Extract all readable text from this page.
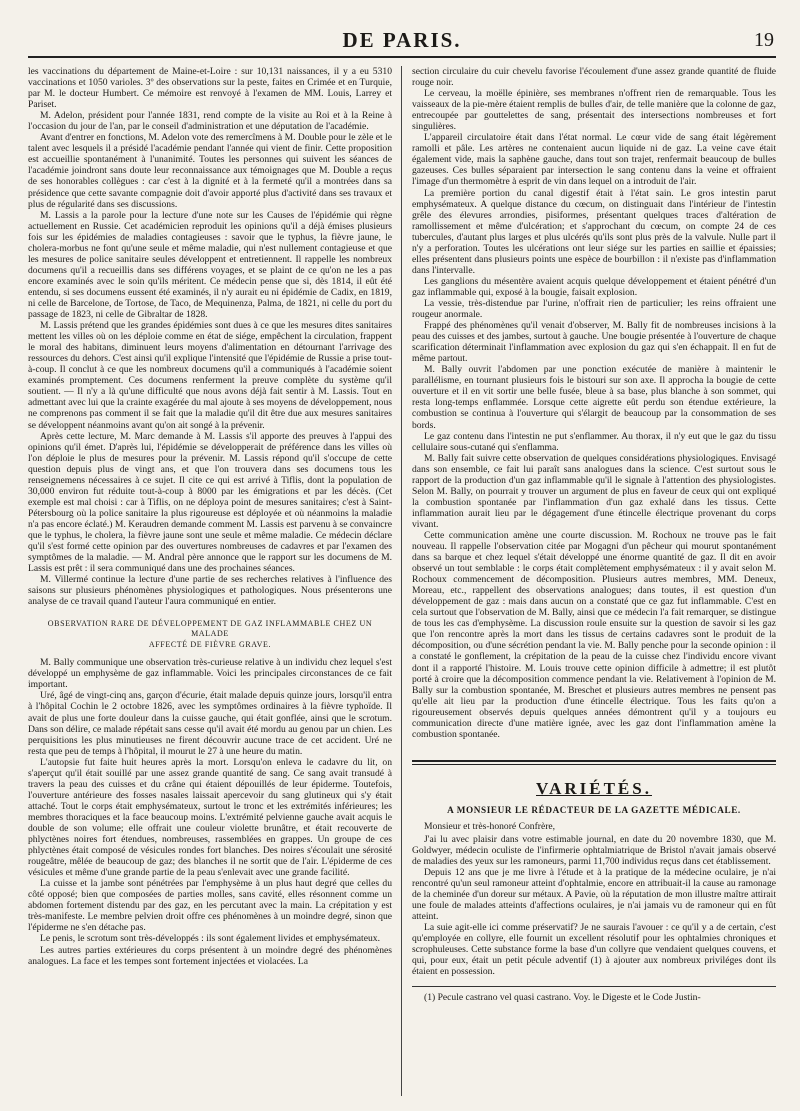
DE PARIS.	19

les vaccinations du département de Maine-et-Loire : sur 10,131 naissances, il y a eu 5310 vaccinations et 1050 varioles. 3º des observations sur la peste, faites en Crimée et en Turquie, par M. le docteur Humbert. Ce mémoire est renvoyé à l'examen de MM. Louis, Larrey et Pariset.

M. Adelon, président pour l'année 1831, rend compte de la visite au Roi et à la Reine à l'occasion du jour de l'an, par le conseil d'administration et une députation de l'académie.

Avant d'entrer en fonctions, M. Adelon vote des remercîmens à M. Double pour le zèle et le talent avec lesquels il a présidé l'académie pendant l'année qui vient de finir. Cette proposition est accueillie spontanément à l'unanimité. Toutes les personnes qui suivent les séances de l'académie joindront sans doute leur reconnaissance aux témoignages que M. Double a reçus de ses honorables collègues : car c'est à la dignité et à la fermeté qu'il a montrées dans sa présidence que cette savante compagnie doit d'avoir apporté plus d'activité dans ses travaux et plus de régularité dans ses discussions.

M. Lassis a la parole pour la lecture d'une note sur les Causes de l'épidémie qui règne actuellement en Russie. Cet académicien reproduit les opinions qu'il a déjà émises plusieurs fois sur les épidémies de maladies contagieuses : savoir que le typhus, la fièvre jaune, le cholera-morbus ne font qu'une seule et même maladie, qui n'est nullement contagieuse et que les mesures de police sanitaire seules développent et entretiennent. Il rappelle les nombreux documens qu'il a recueillis dans ses différens voyages, et se plaint de ce qu'on ne les a pas encore examinés avec le soin qu'ils méritent. Ce médecin pense que si, dès 1814, il eût été entendu, si ses documens eussent été examinés, il n'y aurait eu ni épidémie de Cadix, en 1819, ni celle de Barcelone, de Tortose, de Taco, de Mequinenza, Palma, de 1821, ni celle du port du passage de 1823, ni celle de Gibraltar de 1828.

M. Lassis prétend que les grandes épidémies sont dues à ce que les mesures dites sanitaires mettent les villes où on les déploie comme en état de siége, empêchent la circulation, frappent le moral des habitans, diminuent leurs moyens d'alimentation en détournant l'arrivage des ressources du dehors. C'est ainsi qu'il explique l'intensité que l'épidémie de Russie a prise tout-à-coup. Il conclut à ce que les nombreux documens qu'il a communiqués à l'académie soient examinés promptement. Ces documens renferment la preuve complète du système qu'il soutient. — Il n'y a là qu'une difficulté que nous avons déjà fait sentir à M. Lassis. Tout en admettant avec lui que la crainte exagérée du mal ajoute à ses moyens de développement, nous ne comprenons pas comment il se fait que la maladie qu'il dit être due aux mesures sanitaires se développent néanmoins avant qu'on ait songé à la prévenir.

Après cette lecture, M. Marc demande à M. Lassis s'il apporte des preuves à l'appui des opinions qu'il émet. D'après lui, l'épidémie se développerait de préférence dans les villes où l'on déploie le plus de mesures pour la prévenir. M. Lassis répond qu'il s'occupe de cette question depuis plus de vingt ans, et que l'on trouvera dans ses documens tous les renseignemens nécessaires à ce sujet. Il cite ce qui est arrivé à Tiflis, dont la population de 30,000 environ fut réduite tout-à-coup à 8000 par les émigrations et par les décès. (Cet exemple est mal choisi : car à Tiflis, on ne déploya point de mesures sanitaires; c'est à Saint-Pétersbourg où la police sanitaire la plus rigoureuse est déployée et où néanmoins la maladie n'a pas encore éclaté.) M. Keraudren demande comment M. Lassis est parvenu à se convaincre que le typhus, le cholera, la fièvre jaune sont une seule et même maladie. Ce médecin déclare qu'il s'est formé cette opinion par des ouvertures nombreuses de cadavres et par l'examen des symptômes de la maladie. — M. Andral père annonce que le rapport sur les documens de M. Lassis est prêt : il sera communiqué dans une des prochaines séances.

M. Villermé continue la lecture d'une partie de ses recherches relatives à l'influence des saisons sur plusieurs phénomènes physiologiques et pathologiques. Nous présenterons une analyse de ce travail quand l'auteur l'aura communiqué en entier.

OBSERVATION RARE DE DÉVELOPPEMENT DE GAZ INFLAMMABLE CHEZ UN MALADE
AFFECTÉ DE FIÈVRE GRAVE.

M. Bally communique une observation très-curieuse relative à un individu chez lequel s'est développé un emphysème de gaz inflammable. Voici les principales circonstances de ce fait important.

Uré, âgé de vingt-cinq ans, garçon d'écurie, était malade depuis quinze jours, lorsqu'il entra à l'hôpital Cochin le 2 octobre 1826, avec les symptômes ordinaires à la fièvre typhoïde. Il avait de plus une forte douleur dans la cuisse gauche, qui était gonflée, ainsi que le scrotum. Dans son délire, ce malade répétait sans cesse qu'il avait été mordu au genou par un chien. Les perquisitions les plus minutieuses ne firent découvrir aucune trace de cet accident. Uré ne resta que peu de temps à l'hôpital, il mourut le 27 à une heure du matin.

L'autopsie fut faite huit heures après la mort. Lorsqu'on enleva le cadavre du lit, on s'aperçut qu'il était souillé par une assez grande quantité de sang. Ce sang avait transudé à travers la peau des cuisses et du crâne qui étaient dépouillés de leur épiderme. Toutefois, l'ouverture antérieure des fosses nasales laissait apercevoir du sang glutineux qui s'y était attaché. Tout le corps était emphysémateux, surtout le tronc et les extrémités inférieures; les membres thoraciques et la face beaucoup moins. L'extrémité pelvienne gauche avait acquis le double de son volume; elle offrait une couleur violette brunâtre, et était recouverte de phlyctènes noires fort étendues, nombreuses, rassemblées en grappes. Un groupe de ces phlyctènes était composé de vésicules rondes fort blanches. Des noires s'écoulait une sérosité rougeâtre, mêlée de beaucoup de gaz; des blanches il ne sortit que de l'air. L'épiderme de ces vésicules et même d'une grande partie de la peau s'enlevait avec une grande facilité.

La cuisse et la jambe sont pénétrées par l'emphysème à un plus haut degré que celles du côté opposé; bien que composées de parties molles, sans cavité, elles résonnent comme un abdomen fortement distendu par des gaz, en les percutant avec la main. La crépitation y est très-manifeste. Le membre pelvien droit offre ces phénomènes à un moindre degré, sinon que l'épiderme ne s'en détache pas.

Le penis, le scrotum sont très-développés : ils sont également livides et emphysémateux.

Les autres parties extérieures du corps présentent à un moindre degré des phénomènes analogues. La face et les tempes sont fortement injectées et violacées. La

section circulaire du cuir chevelu favorise l'écoulement d'une assez grande quantité de fluide rouge noir.

Le cerveau, la moëlle épinière, ses membranes n'offrent rien de remarquable. Tous les vaisseaux de la pie-mère étaient remplis de bulles d'air, de telle manière que la colonne de gaz, entrecoupée par gouttelettes de sang, présentait des intersections nombreuses et fort singulières.

L'appareil circulatoire était dans l'état normal. Le cœur vide de sang était légèrement ramolli et pâle. Les artères ne contenaient aucun liquide ni de gaz. La veine cave était également vide, mais la saphène gauche, dans tout son trajet, renfermait beaucoup de bulles gazeuses. Ces bulles séparaient par intersection le sang contenu dans la veine et offraient l'image d'un thermomètre à esprit de vin dans lequel on a introduit de l'air.

La première portion du canal digestif était à l'état sain. Le gros intestin parut emphysémateux. A quelque distance du cœcum, on distinguait dans l'intérieur de l'intestin grêle des élevures arrondies, pisiformes, présentant quelques traces d'altération de ramollissement et même d'ulcération; et s'approchant du cœcum, on compte 24 de ces tubercules, d'autant plus larges et plus ulcérés qu'ils sont plus près de la valvule. Nulle part il n'y a perforation. Toutes les ulcérations ont leur siége sur les parties en saillie et épaissies; elles présentent dans plusieurs points une espèce de bourbillon : il n'existe pas d'inflammation dans l'intervalle.

Les ganglions du mésentère avaient acquis quelque développement et étaient pénétré d'un gaz inflammable qui, exposé à la bougie, faisait explosion.

La vessie, très-distendue par l'urine, n'offrait rien de particulier; les reins offraient une rougeur anormale.

Frappé des phénomènes qu'il venait d'observer, M. Bally fit de nombreuses incisions à la peau des cuisses et des jambes, surtout à gauche. Une bougie présentée à l'ouverture de chaque scarification déterminait l'inflammation avec explosion du gaz qui s'en échappait. Il en fut de même partout.

M. Bally ouvrit l'abdomen par une ponction exécutée de manière à maintenir le parallélisme, en tournant plusieurs fois le bistouri sur son axe. Il approcha la bougie de cette ouverture et il en vit sortir une belle fusée, bleue à sa base, plus blanche à son sommet, qui resta long-temps enflammée. Lorsque cette aigrette eût perdu son étendue extérieure, la combustion se continua à l'ouverture qui s'élargit de beaucoup par la consommation de ses bords.

Le gaz contenu dans l'intestin ne put s'enflammer. Au thorax, il n'y eut que le gaz du tissu cellulaire sous-cutané qui s'enflamma.

M. Bally fait suivre cette observation de quelques considérations physiologiques. Envisagé dans son ensemble, ce fait lui paraît sans analogues dans la science. C'est surtout sous le rapport de la production d'un gaz inflammable qu'il le signale à l'attention des physiologistes. Selon M. Bally, on pourrait y trouver un argument de plus en faveur de ceux qui ont expliqué la combustion spontanée par l'inflammation d'un gaz exhalé dans les tissus. Cette inflammation aurait lieu par le dégagement d'une étincelle électrique provenant du corps vivant.

Cette communication amène une courte discussion. M. Rochoux ne trouve pas le fait nouveau. Il rappelle l'observation citée par Mogagni d'un pêcheur qui mourut spontanément dans sa barque et chez lequel s'était développé une énorme quantité de gaz. Il dit en avoir observé un tout semblable : le corps était complètement emphysémateux : il y avait selon M. Rochoux commencement de décomposition. Plusieurs autres membres, MM. Deneux, Moreau, etc., rappellent des observations analogues; dans toutes, il est question d'un développement de gaz : mais dans aucun on a constaté que ce gaz fut inflammable. C'est en cela surtout que l'observation de M. Bally, ainsi que ce médecin l'a fait remarquer, se distingue de tous les cas d'emphysème. La discussion roule ensuite sur la question de savoir si les gaz que l'on rencontre après la mort dans les tissus de certains cadavres sont le produit de la décomposition, ou d'une sécrétion pendant la vie. M. Bally penche pour la seconde opinion : il a constaté le gonflement, la crépitation de la peau de la cuisse chez l'individu encore vivant dont il a rapporté l'histoire. M. Louis trouve cette opinion difficile à admettre; il est plutôt porté à croire que la décomposition commence pendant la vie. Relativement à l'opinion de M. Bally sur la combustion spontanée, M. Breschet et plusieurs autres membres ne pensent pas qu'elle ait lieu par la production d'une étincelle électrique. Tous les faits qu'on a rigoureusement observés depuis quelques années démontrent qu'il y a toujours eu communication directe d'une matière ignée, avec les gaz dont l'inflammation amène la combustion spontanée.

VARIÉTÉS.
A MONSIEUR LE RÉDACTEUR DE LA GAZETTE MÉDICALE.

Monsieur et très-honoré Confrère,

J'ai lu avec plaisir dans votre estimable journal, en date du 20 novembre 1830, que M. Goldwyer, médecin oculiste de l'infirmerie ophtalmiatrique de Bristol n'avait jamais observé de maladies des yeux sur les ramoneurs, parmi 11,700 individus reçus dans cet établissement.

Depuis 12 ans que je me livre à l'étude et à la pratique de la médecine oculaire, je n'ai rencontré qu'un seul ramoneur atteint d'ophtalmie, encore en attribuait-il la cause au ramonage de la cheminée d'un doreur sur métaux. A Pavie, où la réputation de mon illustre maître attirait une foule de malades atteints d'affections oculaires, je n'ai jamais vu de ramoneur qui en fût atteint.

La suie agit-elle ici comme préservatif? Je ne saurais l'avouer : ce qu'il y a de certain, c'est qu'employée en collyre, elle fournit un excellent résolutif pour les ophtalmies chroniques et scrophuleuses. Cette substance forme la base d'un collyre que vendaient quelques couvens, et qui, pour eux, était un petit pécule adventif (1) à ajouter aux nombreux priviléges dont ils étaient en possession.

(1) Pecule castrano vel quasi castrano. Voy. le Digeste et le Code Justin-
